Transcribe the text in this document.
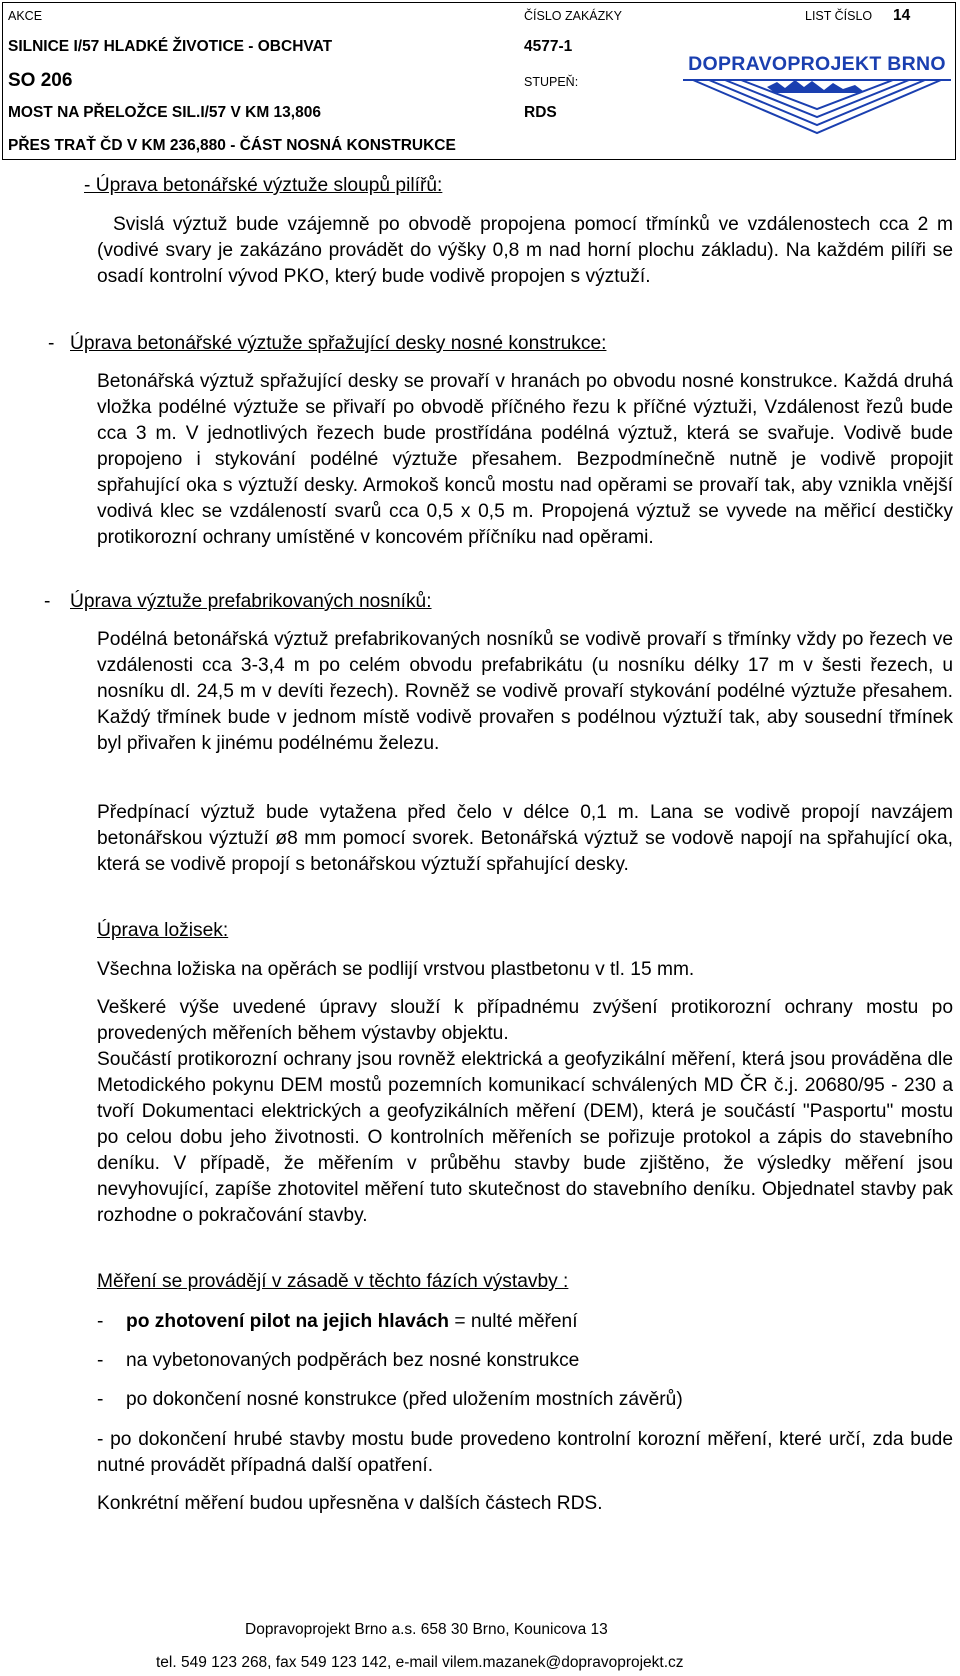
AKCE
SILNICE I/57 HLADKÉ ŽIVOTICE - OBCHVAT
SO 206
MOST NA PŘELOŽCE SIL.I/57 V KM 13,806
PŘES TRAŤ ČD V KM 236,880 - ČÁST NOSNÁ KONSTRUKCE
ČÍSLO ZAKÁZKY
4577-1
STUPEŇ:
RDS
LIST ČÍSLO 14
DOPRAVOPROJEKT BRNO
- Úprava betonářské výztuže sloupů pilířů:
Svislá výztuž bude vzájemně po obvodě propojena pomocí třmínků ve vzdálenostech cca 2 m (vodivé svary je zakázáno provádět do výšky 0,8 m nad horní plochu základu). Na každém pilíři se osadí kontrolní vývod PKO, který bude vodivě propojen s výztuží.
- Úprava betonářské výztuže spřažující desky nosné konstrukce:
Betonářská výztuž spřažující desky se provaří v hranách po obvodu nosné konstrukce. Každá druhá vložka podélné výztuže se přivaří po obvodě příčného řezu k příčné výztuži, Vzdálenost řezů bude cca 3 m. V jednotlivých řezech bude prostřídána podélná výztuž, která se svařuje. Vodivě bude propojeno i stykování podélné výztuže přesahem. Bezpodmínečně nutně je vodivě propojit spřahující oka s výztuží desky. Armokoš konců mostu nad opěrami se provaří tak, aby vznikla vnější vodivá klec se vzdáleností svarů cca 0,5 x 0,5 m. Propojená výztuž se vyvede na měřicí destičky protikorozní ochrany umístěné v koncovém příčníku nad opěrami.
- Úprava výztuže prefabrikovaných nosníků:
Podélná betonářská výztuž prefabrikovaných nosníků se vodivě provaří s třmínky vždy po řezech ve vzdálenosti cca 3-3,4 m po celém obvodu prefabrikátu (u nosníku délky 17 m v šesti řezech, u nosníku dl. 24,5 m v devíti řezech). Rovněž se vodivě provaří stykování podélné výztuže přesahem. Každý třmínek bude v jednom místě vodivě provařen s podélnou výztuží tak, aby sousední třmínek byl přivařen k jinému podélnému železu.
Předpínací výztuž bude vytažena před čelo v délce 0,1 m. Lana se vodivě propojí navzájem betonářskou výztuží ø8 mm pomocí svorek. Betonářská výztuž se vodově napojí na spřahující oka, která se vodivě propojí s betonářskou výztuží spřahující desky.
Úprava ložisek:
Všechna ložiska na opěrách se podlijí vrstvou plastbetonu v tl. 15 mm.
Veškeré výše uvedené úpravy slouží k případnému zvýšení protikorozní ochrany mostu po provedených měřeních během výstavby objektu.
Součástí protikorozní ochrany jsou rovněž elektrická a geofyzikální měření, která jsou prováděna dle Metodického pokynu DEM mostů pozemních komunikací schválených MD ČR č.j. 20680/95 - 230 a tvoří Dokumentaci elektrických a geofyzikálních měření (DEM), která je součástí "Pasportu" mostu po celou dobu jeho životnosti. O kontrolních měřeních se pořizuje protokol a zápis do stavebního deníku. V případě, že měřením v průběhu stavby bude zjištěno, že výsledky měření jsou nevyhovující, zapíše zhotovitel měření tuto skutečnost do stavebního deníku. Objednatel stavby pak rozhodne o pokračování stavby.
Měření se provádějí v zásadě v těchto fázích výstavby :
- po zhotovení pilot na jejich hlavách = nulté měření
- na vybetonovaných podpěrách bez nosné konstrukce
- po dokončení nosné konstrukce (před uložením mostních závěrů)
- po dokončení hrubé stavby mostu bude provedeno kontrolní korozní měření, které určí, zda bude nutné provádět případná další opatření.
Konkrétní měření budou upřesněna v dalších částech RDS.
Dopravoprojekt Brno a.s. 658 30 Brno, Kounicova 13
tel. 549 123 268, fax 549 123 142, e-mail vilem.mazanek@dopravoprojekt.cz
